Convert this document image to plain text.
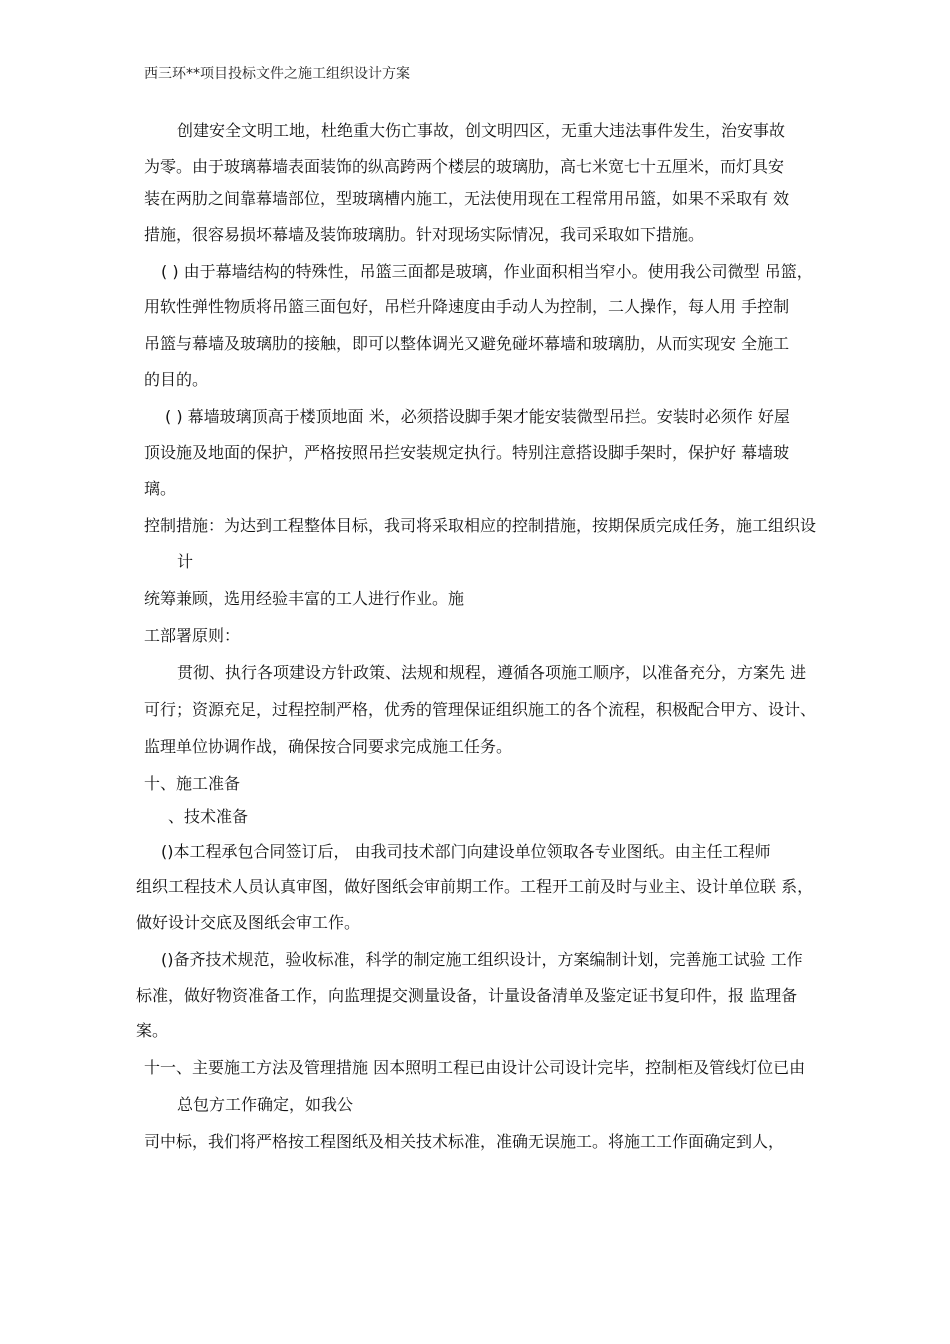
西三环**项目投标文件之施工组织设计方案
创建安全文明工地，杜绝重大伤亡事故，创文明四区，无重大违法事件发生，治安事故
为零。由于玻璃幕墙表面装饰的纵高跨两个楼层的玻璃肋，高七米宽七十五厘米，而灯具安
装在两肋之间靠幕墙部位，型玻璃槽内施工，无法使用现在工程常用吊篮，如果不采取有 效
措施，很容易损坏幕墙及装饰玻璃肋。针对现场实际情况，我司采取如下措施。
( ) 由于幕墙结构的特殊性，吊篮三面都是玻璃，作业面积相当窄小。使用我公司微型 吊篮，
用软性弹性物质将吊篮三面包好，吊栏升降速度由手动人为控制，二人操作，每人用 手控制
吊篮与幕墙及玻璃肋的接触，即可以整体调光又避免碰坏幕墙和玻璃肋，从而实现安 全施工
的目的。
( ) 幕墙玻璃顶高于楼顶地面 米，必须搭设脚手架才能安装微型吊拦。安装时必须作 好屋
顶设施及地面的保护，严格按照吊拦安装规定执行。特别注意搭设脚手架时，保护好 幕墙玻
璃。
控制措施：为达到工程整体目标，我司将采取相应的控制措施，按期保质完成任务，施工组织设
计
统筹兼顾，选用经验丰富的工人进行作业。施
工部署原则：
贯彻、执行各项建设方针政策、法规和规程，遵循各项施工顺序，以准备充分，方案先 进
可行；资源充足，过程控制严格，优秀的管理保证组织施工的各个流程，积极配合甲方、设计、
监理单位协调作战，确保按合同要求完成施工任务。
十、施工准备
、技术准备
()本工程承包合同签订后， 由我司技术部门向建设单位领取各专业图纸。由主任工程师
组织工程技术人员认真审图，做好图纸会审前期工作。工程开工前及时与业主、设计单位联 系，
做好设计交底及图纸会审工作。
()备齐技术规范，验收标准，科学的制定施工组织设计，方案编制计划，完善施工试验 工作
标准，做好物资准备工作，向监理提交测量设备，计量设备清单及鉴定证书复印件，报 监理备
案。
十一、主要施工方法及管理措施 因本照明工程已由设计公司设计完毕，控制柜及管线灯位已由
总包方工作确定，如我公
司中标，我们将严格按工程图纸及相关技术标准，准确无误施工。将施工工作面确定到人，
